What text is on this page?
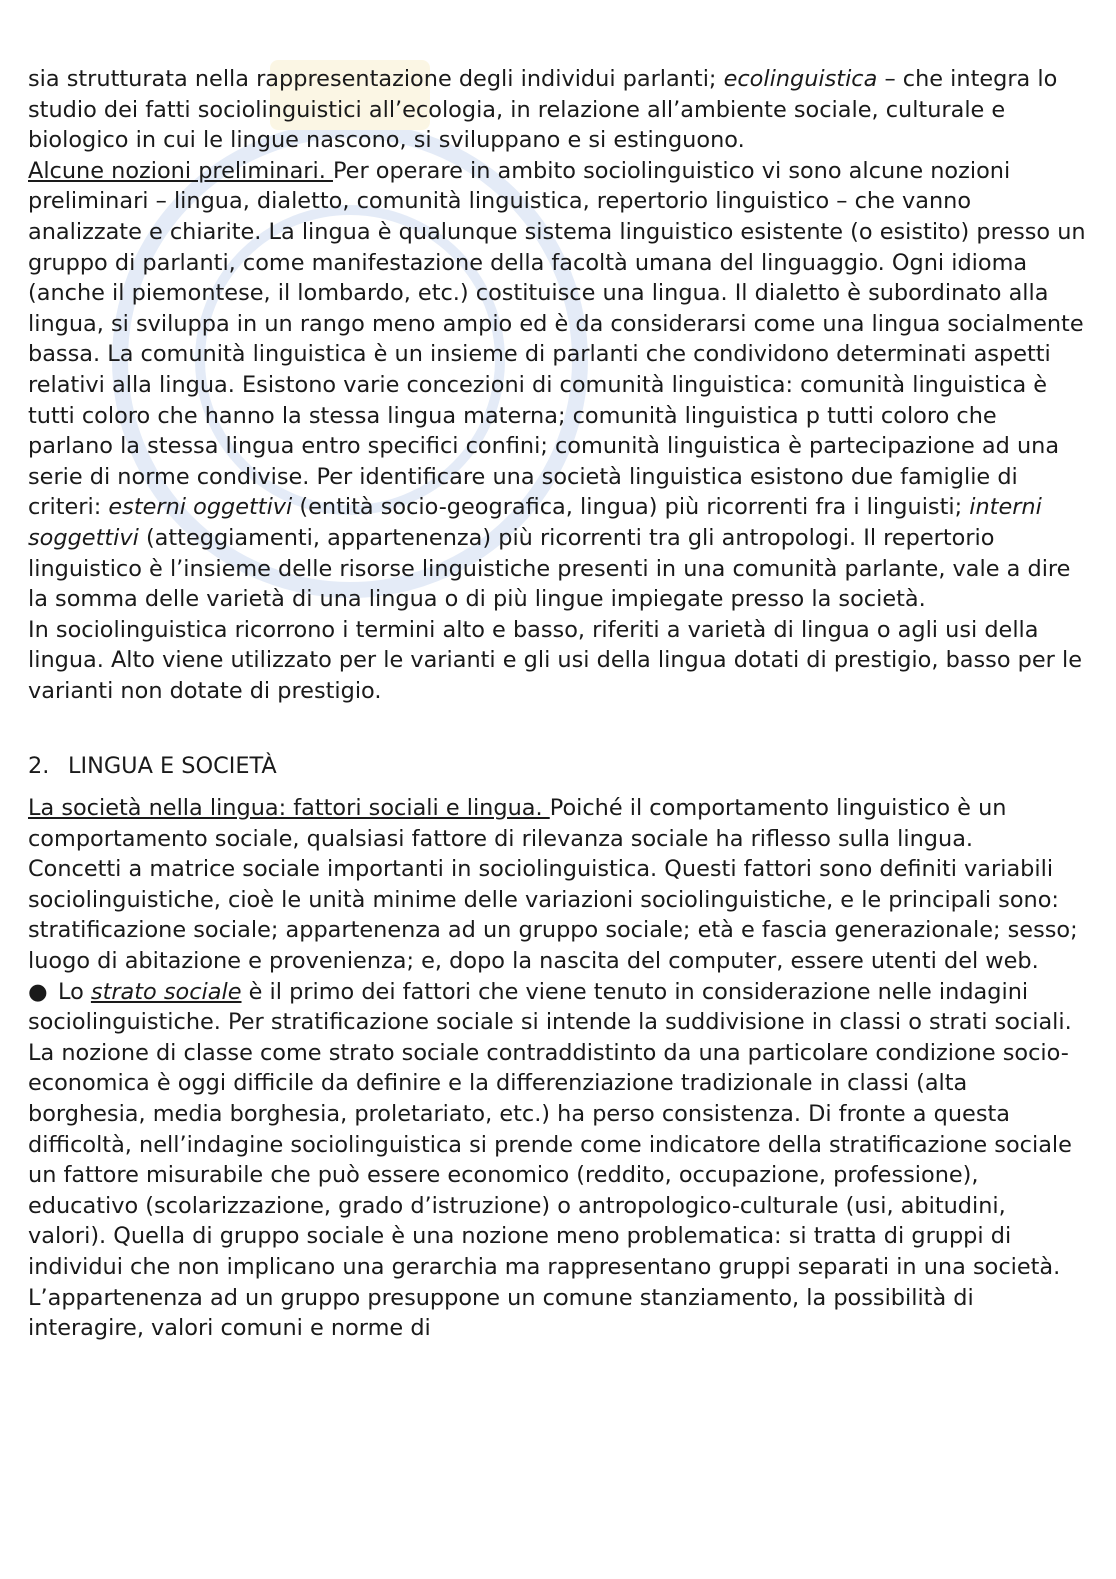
sia strutturata nella rappresentazione degli individui parlanti; ecolinguistica – che integra lo studio dei fatti sociolinguistici all’ecologia, in relazione all’ambiente sociale, culturale e biologico in cui le lingue nascono, si sviluppano e si estinguono.

Alcune nozioni preliminari. Per operare in ambito sociolinguistico vi sono alcune nozioni preliminari – lingua, dialetto, comunità linguistica, repertorio linguistico – che vanno analizzate e chiarite. La lingua è qualunque sistema linguistico esistente (o esistito) presso un gruppo di parlanti, come manifestazione della facoltà umana del linguaggio. Ogni idioma (anche il piemontese, il lombardo, etc.) costituisce una lingua. Il dialetto è subordinato alla lingua, si sviluppa in un rango meno ampio ed è da considerarsi come una lingua socialmente bassa. La comunità linguistica è un insieme di parlanti che condividono determinati aspetti relativi alla lingua. Esistono varie concezioni di comunità linguistica: comunità linguistica è tutti coloro che hanno la stessa lingua materna; comunità linguistica p tutti coloro che parlano la stessa lingua entro specifici confini; comunità linguistica è partecipazione ad una serie di norme condivise. Per identificare una società linguistica esistono due famiglie di criteri: esterni oggettivi (entità socio-geografica, lingua) più ricorrenti fra i linguisti; interni soggettivi (atteggiamenti, appartenenza) più ricorrenti tra gli antropologi. Il repertorio linguistico è l’insieme delle risorse linguistiche presenti in una comunità parlante, vale a dire la somma delle varietà di una lingua o di più lingue impiegate presso la società.

In sociolinguistica ricorrono i termini alto e basso, riferiti a varietà di lingua o agli usi della lingua. Alto viene utilizzato per le varianti e gli usi della lingua dotati di prestigio, basso per le varianti non dotate di prestigio.

2. LINGUA E SOCIETÀ

La società nella lingua: fattori sociali e lingua. Poiché il comportamento linguistico è un comportamento sociale, qualsiasi fattore di rilevanza sociale ha riflesso sulla lingua.

Concetti a matrice sociale importanti in sociolinguistica. Questi fattori sono definiti variabili sociolinguistiche, cioè le unità minime delle variazioni sociolinguistiche, e le principali sono: stratificazione sociale; appartenenza ad un gruppo sociale; età e fascia generazionale; sesso; luogo di abitazione e provenienza; e, dopo la nascita del computer, essere utenti del web.

● Lo strato sociale è il primo dei fattori che viene tenuto in considerazione nelle indagini sociolinguistiche. Per stratificazione sociale si intende la suddivisione in classi o strati sociali. La nozione di classe come strato sociale contraddistinto da una particolare condizione socio-economica è oggi difficile da definire e la differenziazione tradizionale in classi (alta borghesia, media borghesia, proletariato, etc.) ha perso consistenza. Di fronte a questa difficoltà, nell’indagine sociolinguistica si prende come indicatore della stratificazione sociale un fattore misurabile che può essere economico (reddito, occupazione, professione), educativo (scolarizzazione, grado d’istruzione) o antropologico-culturale (usi, abitudini, valori). Quella di gruppo sociale è una nozione meno problematica: si tratta di gruppi di individui che non implicano una gerarchia ma rappresentano gruppi separati in una società. L’appartenenza ad un gruppo presuppone un comune stanziamento, la possibilità di interagire, valori comuni e norme di
